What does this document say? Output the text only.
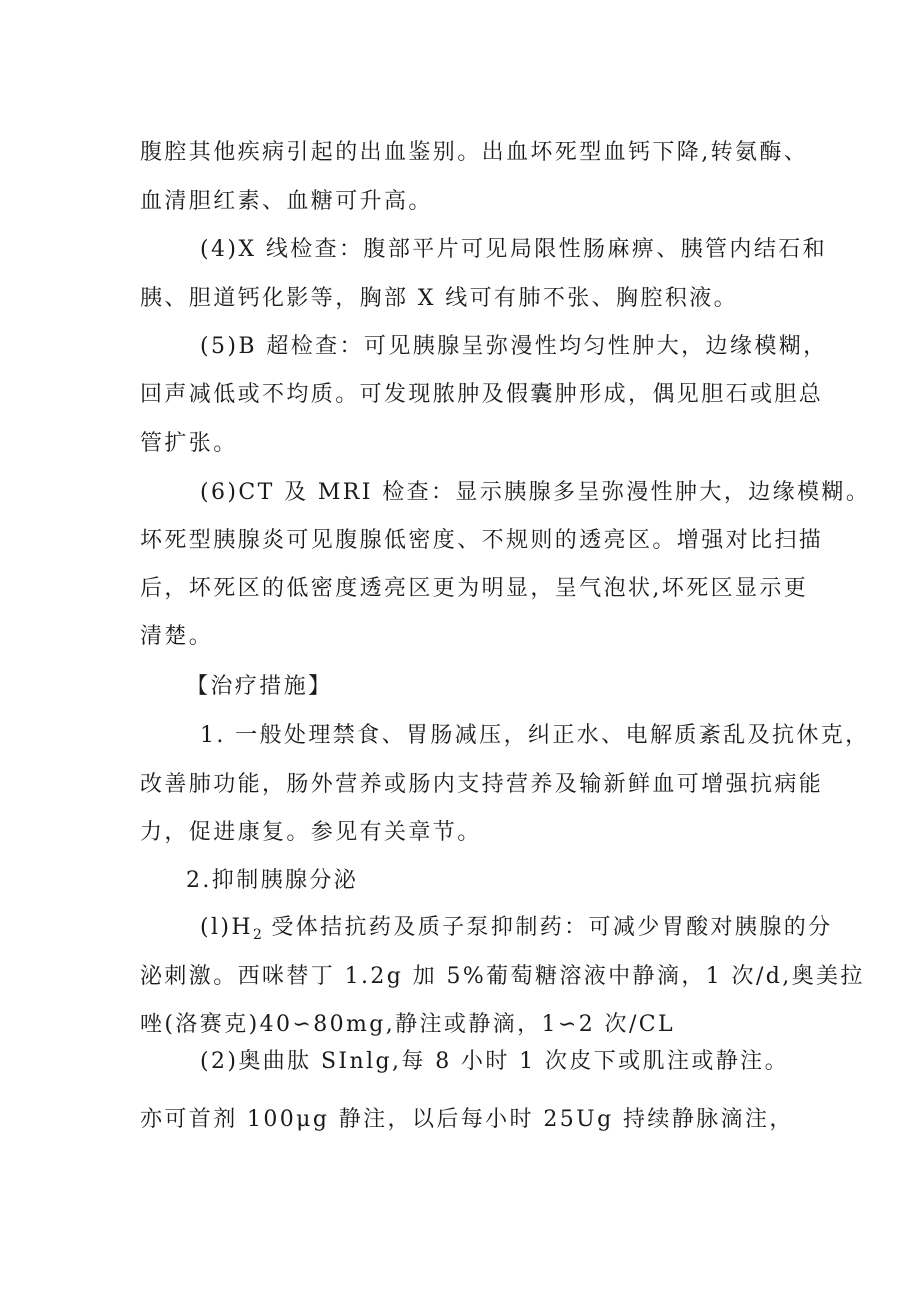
腹腔其他疾病引起的出血鉴别。出血坏死型血钙下降,转氨酶、
血清胆红素、血糖可升高。
(4)X 线检查：腹部平片可见局限性肠麻痹、胰管内结石和
胰、胆道钙化影等，胸部 X 线可有肺不张、胸腔积液。
(5)B 超检查：可见胰腺呈弥漫性均匀性肿大，边缘模糊，
回声减低或不均质。可发现脓肿及假囊肿形成，偶见胆石或胆总
管扩张。
(6)CT 及 MRI 检查：显示胰腺多呈弥漫性肿大，边缘模糊。
坏死型胰腺炎可见腹腺低密度、不规则的透亮区。增强对比扫描
后，坏死区的低密度透亮区更为明显，呈气泡状,坏死区显示更
清楚。
【治疗措施】
1. 一般处理禁食、胃肠减压，纠正水、电解质紊乱及抗休克，
改善肺功能，肠外营养或肠内支持营养及输新鲜血可增强抗病能
力，促进康复。参见有关章节。
2.抑制胰腺分泌
$(l)H_2$ 受体拮抗药及质子泵抑制药：可减少胃酸对胰腺的分
泌刺激。西咪替丁 1.2g 加 5%葡萄糖溶液中静滴，1 次/d,奥美拉
唑(洛赛克)40∽80mg,静注或静滴，1∽2 次/CL
(2)奥曲肽 SInlg,每 8 小时 1 次皮下或肌注或静注。
亦可首剂 100μg 静注，以后每小时 25Ug 持续静脉滴注，
